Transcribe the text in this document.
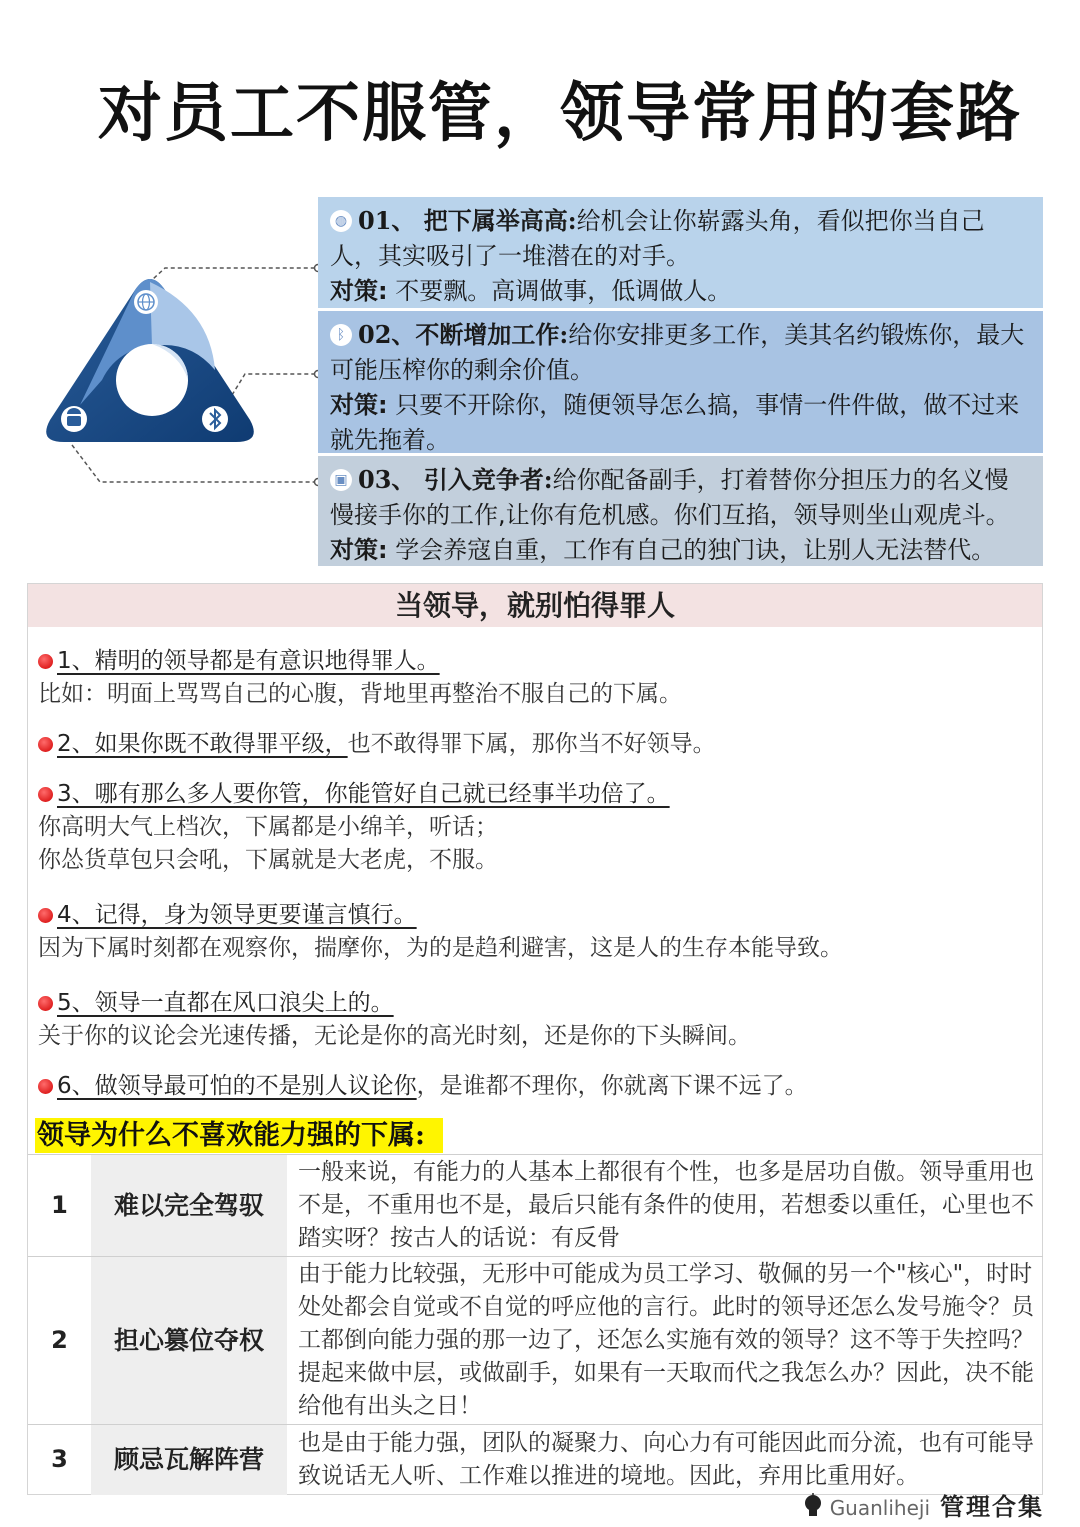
对员工不服管，领导常用的套路
◍ 01、 把下属举高高:给机会让你崭露头角，看似把你当自己人，其实吸引了一堆潜在的对手。
对策: 不要飘。高调做事，低调做人。
ᛒ 02、不断增加工作:给你安排更多工作，美其名约锻炼你，最大可能压榨你的剩余价值。
对策: 只要不开除你，随便领导怎么搞，事情一件件做，做不过来就先拖着。
▣ 03、 引入竞争者:给你配备副手，打着替你分担压力的名义慢慢接手你的工作,让你有危机感。你们互掐，领导则坐山观虎斗。
对策: 学会养寇自重，工作有自己的独门诀，让别人无法替代。
当领导，就别怕得罪人
1、精明的领导都是有意识地得罪人。
比如：明面上骂骂自己的心腹，背地里再整治不服自己的下属。
2、如果你既不敢得罪平级，也不敢得罪下属，那你当不好领导。
3、哪有那么多人要你管，你能管好自己就已经事半功倍了。
你高明大气上档次，下属都是小绵羊，听话；
你怂货草包只会吼，下属就是大老虎，不服。
4、记得，身为领导更要谨言慎行。
因为下属时刻都在观察你，揣摩你，为的是趋利避害，这是人的生存本能导致。
5、领导一直都在风口浪尖上的。
关于你的议论会光速传播，无论是你的高光时刻，还是你的下头瞬间。
6、做领导最可怕的不是别人议论你，是谁都不理你，你就离下课不远了。
领导为什么不喜欢能力强的下属:
1	难以完全驾驭	一般来说，有能力的人基本上都很有个性，也多是居功自傲。领导重用也不是，不重用也不是，最后只能有条件的使用，若想委以重任，心里也不踏实呀？按古人的话说：有反骨
2	担心篡位夺权	由于能力比较强，无形中可能成为员工学习、敬佩的另一个"核心"，时时处处都会自觉或不自觉的呼应他的言行。此时的领导还怎么发号施令？员工都倒向能力强的那一边了，还怎么实施有效的领导？这不等于失控吗？提起来做中层，或做副手，如果有一天取而代之我怎么办？因此，决不能给他有出头之日！
3	顾忌瓦解阵营	也是由于能力强，团队的凝聚力、向心力有可能因此而分流，也有可能导致说话无人听、工作难以推进的境地。因此，弃用比重用好。
Guanliheji 管理合集
